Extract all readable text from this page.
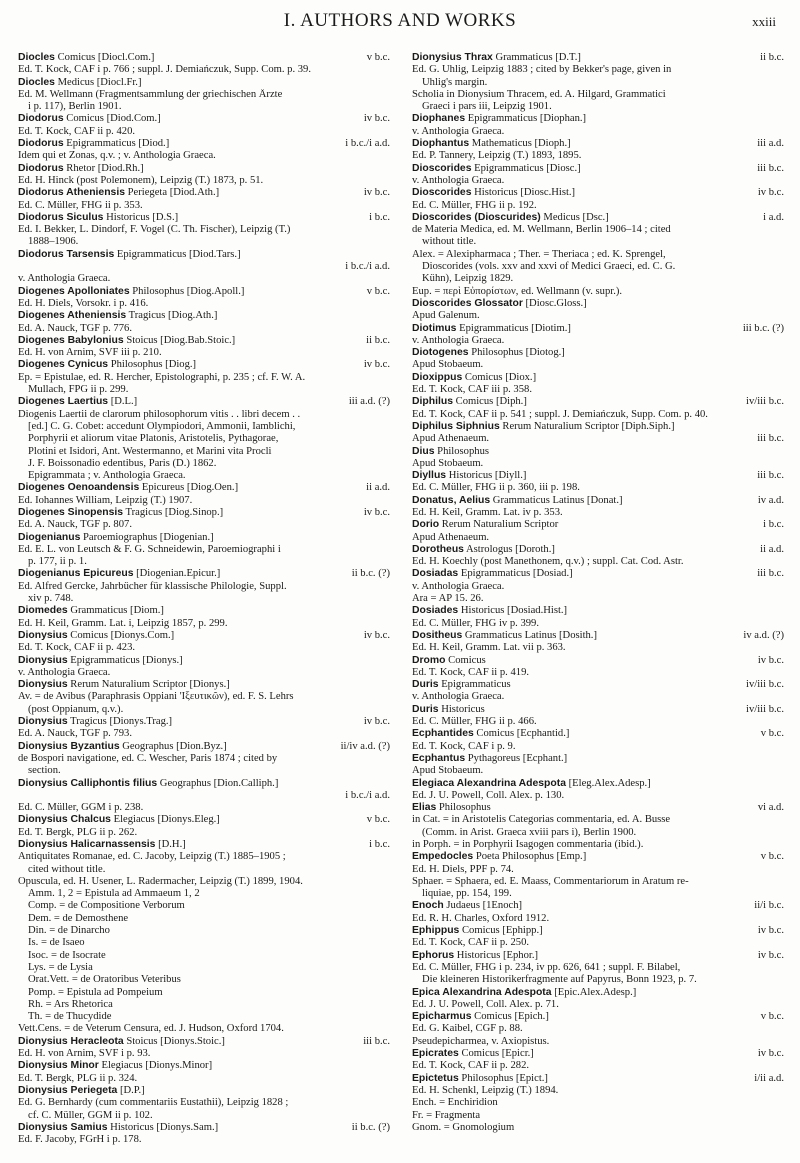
I. AUTHORS AND WORKS	xxiii
Diocles Comicus [Diocl.Com.]	v b.c.
Ed. T. Kock, CAF i p. 766 ; suppl. J. Demiańczuk, Supp. Com. p. 39.
Diocles Medicus [Diocl.Fr.]
Ed. M. Wellmann (Fragmentsammlung der griechischen Ärzte
i p. 117), Berlin 1901.
Diodorus Comicus [Diod.Com.]	iv b.c.
Ed. T. Kock, CAF ii p. 420.
Diodorus Epigrammaticus [Diod.]	i b.c./i a.d.
Idem qui et Zonas, q.v. ; v. Anthologia Graeca.
Diodorus Rhetor [Diod.Rh.]
Ed. H. Hinck (post Polemonem), Leipzig (T.) 1873, p. 51.
Diodorus Atheniensis Periegeta [Diod.Ath.]	iv b.c.
Ed. C. Müller, FHG ii p. 353.
Diodorus Siculus Historicus [D.S.]	i b.c.
Ed. I. Bekker, L. Dindorf, F. Vogel (C. Th. Fischer), Leipzig (T.)
1888–1906.
Diodorus Tarsensis Epigrammaticus [Diod.Tars.]
i b.c./i a.d.
v. Anthologia Graeca.
Diogenes Apolloniates Philosophus [Diog.Apoll.]	v b.c.
Ed. H. Diels, Vorsokr. i p. 416.
Diogenes Atheniensis Tragicus [Diog.Ath.]
Ed. A. Nauck, TGF p. 776.
Diogenes Babylonius Stoicus [Diog.Bab.Stoic.]	ii b.c.
Ed. H. von Arnim, SVF iii p. 210.
Diogenes Cynicus Philosophus [Diog.]	iv b.c.
Ep. = Epistulae, ed. R. Hercher, Epistolographi, p. 235 ; cf. F. W. A.
Mullach, FPG ii p. 299.
Diogenes Laertius [D.L.]	iii a.d. (?)
Diogenis Laertii de clarorum philosophorum vitis . . libri decem . .
[ed.] C. G. Cobet: accedunt Olympiodori, Ammonii, Iamblichi,
Porphyrii et aliorum vitae Platonis, Aristotelis, Pythagorae,
Plotini et Isidori, Ant. Westermanno, et Marini vita Procli
J. F. Boissonadio edentibus, Paris (D.) 1862.
Epigrammata ; v. Anthologia Graeca.
Diogenes Oenoandensis Epicureus [Diog.Oen.]	ii a.d.
Ed. Iohannes William, Leipzig (T.) 1907.
Diogenes Sinopensis Tragicus [Diog.Sinop.]	iv b.c.
Ed. A. Nauck, TGF p. 807.
Diogenianus Paroemiographus [Diogenian.]
Ed. E. L. von Leutsch & F. G. Schneidewin, Paroemiographi i
p. 177, ii p. 1.
Diogenianus Epicureus [Diogenian.Epicur.]	ii b.c. (?)
Ed. Alfred Gercke, Jahrbücher für klassische Philologie, Suppl.
xiv p. 748.
Diomedes Grammaticus [Diom.]
Ed. H. Keil, Gramm. Lat. i, Leipzig 1857, p. 299.
Dionysius Comicus [Dionys.Com.]	iv b.c.
Ed. T. Kock, CAF ii p. 423.
Dionysius Epigrammaticus [Dionys.]
v. Anthologia Graeca.
Dionysius Rerum Naturalium Scriptor [Dionys.]
Av. = de Avibus (Paraphrasis Oppiani 'Ιξευτικῶν), ed. F. S. Lehrs
(post Oppianum, q.v.).
Dionysius Tragicus [Dionys.Trag.]	iv b.c.
Ed. A. Nauck, TGF p. 793.
Dionysius Byzantius Geographus [Dion.Byz.]	ii/iv a.d. (?)
de Bospori navigatione, ed. C. Wescher, Paris 1874 ; cited by
section.
Dionysius Calliphontis filius Geographus [Dion.Calliph.]
i b.c./i a.d.
Ed. C. Müller, GGM i p. 238.
Dionysius Chalcus Elegiacus [Dionys.Eleg.]	v b.c.
Ed. T. Bergk, PLG ii p. 262.
Dionysius Halicarnassensis [D.H.]	i b.c.
Antiquitates Romanae, ed. C. Jacoby, Leipzig (T.) 1885–1905 ;
cited without title.
Opuscula, ed. H. Usener, L. Radermacher, Leipzig (T.) 1899, 1904.
Amm. 1, 2 = Epistula ad Ammaeum 1, 2
Comp. = de Compositione Verborum
Dem. = de Demosthene
Din. = de Dinarcho
Is. = de Isaeo
Isoc. = de Isocrate
Lys. = de Lysia
Orat.Vett. = de Oratoribus Veteribus
Pomp. = Epistula ad Pompeium
Rh. = Ars Rhetorica
Th. = de Thucydide
Vett.Cens. = de Veterum Censura, ed. J. Hudson, Oxford 1704.
Dionysius Heracleota Stoicus [Dionys.Stoic.]	iii b.c.
Ed. H. von Arnim, SVF i p. 93.
Dionysius Minor Elegiacus [Dionys.Minor]
Ed. T. Bergk, PLG ii p. 324.
Dionysius Periegeta [D.P.]
Ed. G. Bernhardy (cum commentariis Eustathii), Leipzig 1828 ;
cf. C. Müller, GGM ii p. 102.
Dionysius Samius Historicus [Dionys.Sam.]	ii b.c. (?)
Ed. F. Jacoby, FGrH i p. 178.
Dionysius Thrax Grammaticus [D.T.]	ii b.c.
Ed. G. Uhlig, Leipzig 1883 ; cited by Bekker's page, given in
Uhlig's margin.
Scholia in Dionysium Thracem, ed. A. Hilgard, Grammatici
Graeci i pars iii, Leipzig 1901.
Diophanes Epigrammaticus [Diophan.]
v. Anthologia Graeca.
Diophantus Mathematicus [Dioph.]	iii a.d.
Ed. P. Tannery, Leipzig (T.) 1893, 1895.
Dioscorides Epigrammaticus [Diosc.]	iii b.c.
v. Anthologia Graeca.
Dioscorides Historicus [Diosc.Hist.]	iv b.c.
Ed. C. Müller, FHG ii p. 192.
Dioscorides (Dioscurides) Medicus [Dsc.]	i a.d.
de Materia Medica, ed. M. Wellmann, Berlin 1906–14 ; cited
without title.
Alex. = Alexipharmaca ; Ther. = Theriaca ; ed. K. Sprengel,
Dioscorides (vols. xxv and xxvi of Medici Graeci, ed. C. G.
Kühn), Leipzig 1829.
Eup. = περὶ Εὐπορίστων, ed. Wellmann (v. supr.).
Dioscorides Glossator [Diosc.Gloss.]
Apud Galenum.
Diotimus Epigrammaticus [Diotim.]	iii b.c. (?)
v. Anthologia Graeca.
Diotogenes Philosophus [Diotog.]
Apud Stobaeum.
Dioxippus Comicus [Diox.]
Ed. T. Kock, CAF iii p. 358.
Diphilus Comicus [Diph.]	iv/iii b.c.
Ed. T. Kock, CAF ii p. 541 ; suppl. J. Demiańczuk, Supp. Com. p. 40.
Diphilus Siphnius Rerum Naturalium Scriptor [Diph.Siph.]
Apud Athenaeum.	iii b.c.
Dius Philosophus
Apud Stobaeum.
Diyllus Historicus [Diyll.]	iii b.c.
Ed. C. Müller, FHG ii p. 360, iii p. 198.
Donatus, Aelius Grammaticus Latinus [Donat.]	iv a.d.
Ed. H. Keil, Gramm. Lat. iv p. 353.
Dorio Rerum Naturalium Scriptor	i b.c.
Apud Athenaeum.
Dorotheus Astrologus [Doroth.]	ii a.d.
Ed. H. Koechly (post Manethonem, q.v.) ; suppl. Cat. Cod. Astr.
Dosiadas Epigrammaticus [Dosiad.]	iii b.c.
v. Anthologia Graeca.
Ara = AP 15. 26.
Dosiades Historicus [Dosiad.Hist.]
Ed. C. Müller, FHG iv p. 399.
Dositheus Grammaticus Latinus [Dosith.]	iv a.d. (?)
Ed. H. Keil, Gramm. Lat. vii p. 363.
Dromo Comicus	iv b.c.
Ed. T. Kock, CAF ii p. 419.
Duris Epigrammaticus	iv/iii b.c.
v. Anthologia Graeca.
Duris Historicus	iv/iii b.c.
Ed. C. Müller, FHG ii p. 466.
Ecphantides Comicus [Ecphantid.]	v b.c.
Ed. T. Kock, CAF i p. 9.
Ecphantus Pythagoreus [Ecphant.]
Apud Stobaeum.
Elegiaca Alexandrina Adespota [Eleg.Alex.Adesp.]
Ed. J. U. Powell, Coll. Alex. p. 130.
Elias Philosophus	vi a.d.
in Cat. = in Aristotelis Categorias commentaria, ed. A. Busse
(Comm. in Arist. Graeca xviii pars i), Berlin 1900.
in Porph. = in Porphyrii Isagogen commentaria (ibid.).
Empedocles Poeta Philosophus [Emp.]	v b.c.
Ed. H. Diels, PPF p. 74.
Sphaer. = Sphaera, ed. E. Maass, Commentariorum in Aratum re-
liquiae, pp. 154, 199.
Enoch Judaeus [1Enoch]	ii/i b.c.
Ed. R. H. Charles, Oxford 1912.
Ephippus Comicus [Ephipp.]	iv b.c.
Ed. T. Kock, CAF ii p. 250.
Ephorus Historicus [Ephor.]	iv b.c.
Ed. C. Müller, FHG i p. 234, iv pp. 626, 641 ; suppl. F. Bilabel,
Die kleineren Historikerfragmente auf Papyrus, Bonn 1923, p. 7.
Epica Alexandrina Adespota [Epic.Alex.Adesp.]
Ed. J. U. Powell, Coll. Alex. p. 71.
Epicharmus Comicus [Epich.]	v b.c.
Ed. G. Kaibel, CGF p. 88.
Pseudepicharmea, v. Axiopistus.
Epicrates Comicus [Epicr.]	iv b.c.
Ed. T. Kock, CAF ii p. 282.
Epictetus Philosophus [Epict.]	i/ii a.d.
Ed. H. Schenkl, Leipzig (T.) 1894.
Ench. = Enchiridion
Fr. = Fragmenta
Gnom. = Gnomologium
